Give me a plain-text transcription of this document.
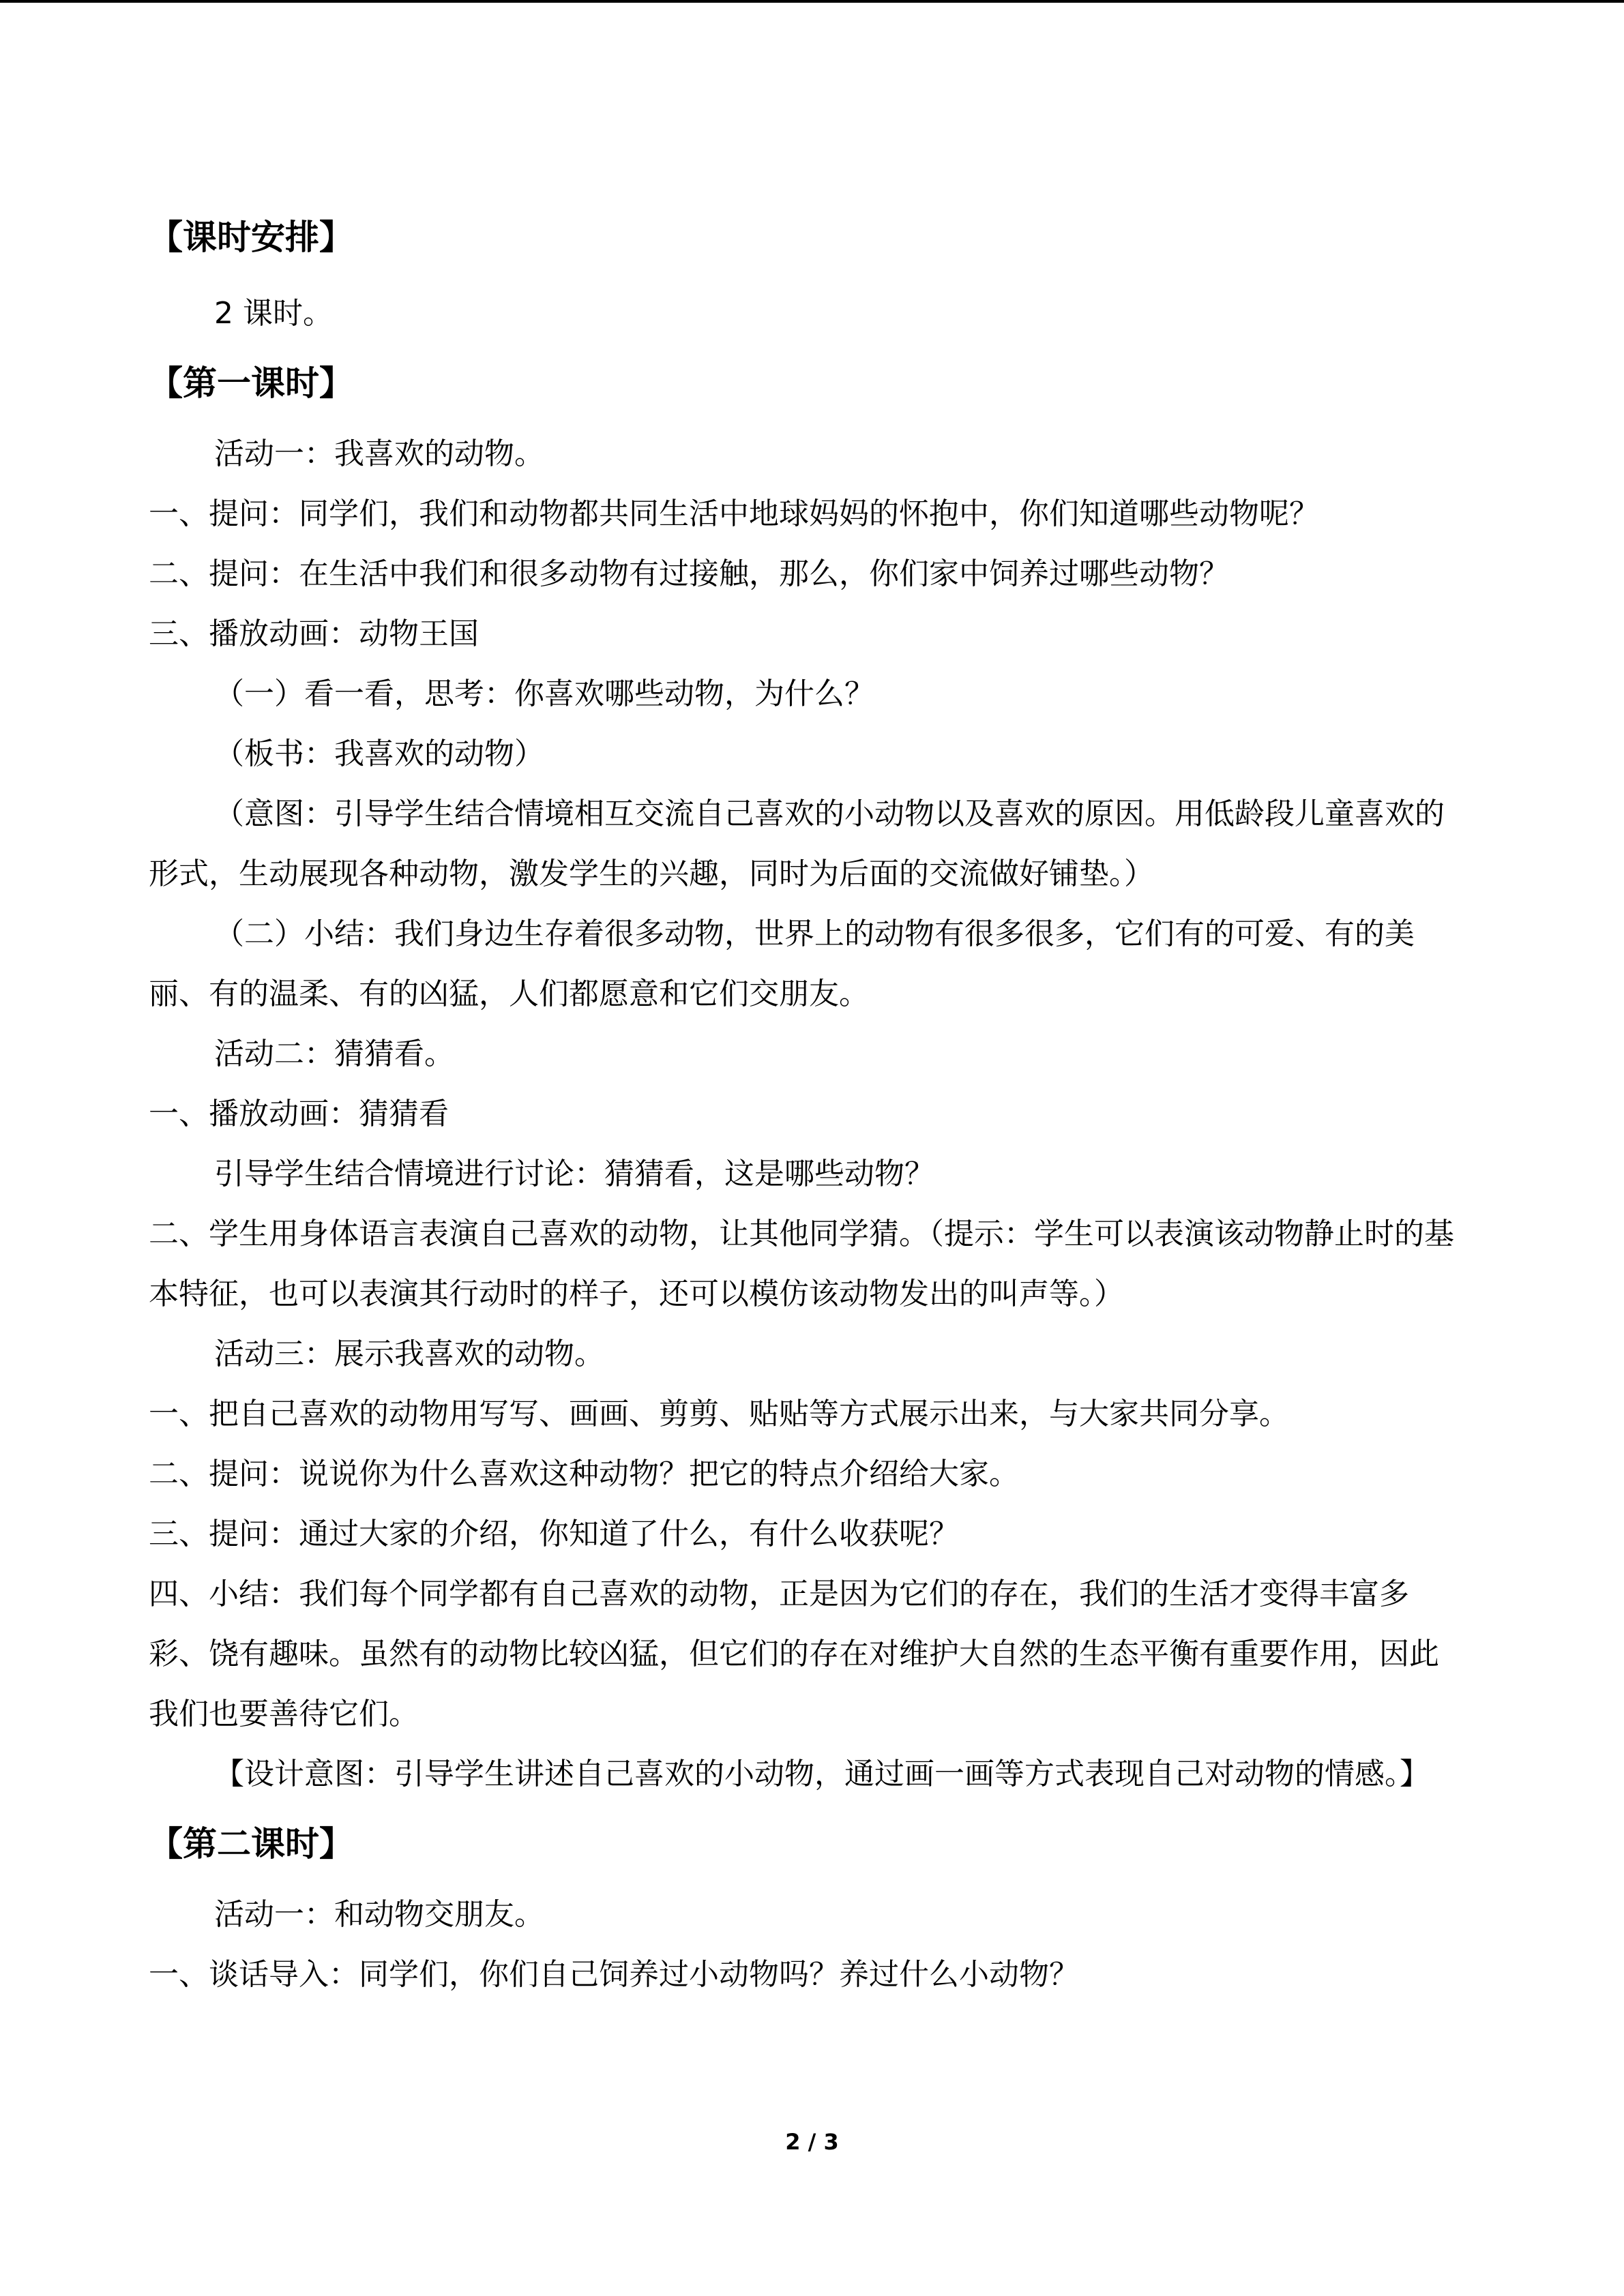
【课时安排】

2 课时。

【第一课时】

活动一：我喜欢的动物。

一、提问：同学们，我们和动物都共同生活中地球妈妈的怀抱中，你们知道哪些动物呢？

二、提问：在生活中我们和很多动物有过接触，那么，你们家中饲养过哪些动物？

三、播放动画：动物王国

（一）看一看，思考：你喜欢哪些动物，为什么？

（板书：我喜欢的动物）

（意图：引导学生结合情境相互交流自己喜欢的小动物以及喜欢的原因。用低龄段儿童喜欢的形式，生动展现各种动物，激发学生的兴趣，同时为后面的交流做好铺垫。）

（二）小结：我们身边生存着很多动物，世界上的动物有很多很多，它们有的可爱、有的美丽、有的温柔、有的凶猛，人们都愿意和它们交朋友。

活动二：猜猜看。

一、播放动画：猜猜看

引导学生结合情境进行讨论：猜猜看，这是哪些动物？

二、学生用身体语言表演自己喜欢的动物，让其他同学猜。（提示：学生可以表演该动物静止时的基本特征，也可以表演其行动时的样子，还可以模仿该动物发出的叫声等。）

活动三：展示我喜欢的动物。

一、把自己喜欢的动物用写写、画画、剪剪、贴贴等方式展示出来，与大家共同分享。

二、提问：说说你为什么喜欢这种动物？把它的特点介绍给大家。

三、提问：通过大家的介绍，你知道了什么，有什么收获呢？

四、小结：我们每个同学都有自己喜欢的动物，正是因为它们的存在，我们的生活才变得丰富多彩、饶有趣味。虽然有的动物比较凶猛，但它们的存在对维护大自然的生态平衡有重要作用，因此我们也要善待它们。

【设计意图：引导学生讲述自己喜欢的小动物，通过画一画等方式表现自己对动物的情感。】

【第二课时】

活动一：和动物交朋友。

一、谈话导入：同学们，你们自己饲养过小动物吗？养过什么小动物？

2 / 3
